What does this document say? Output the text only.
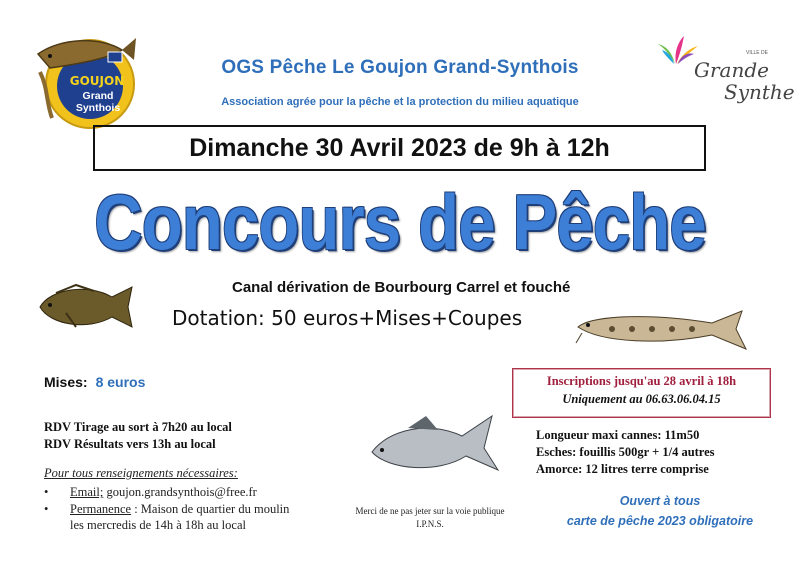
GOUJON
Grand Synthois
VILLE DE
Grande
Synthe
OGS Pêche Le Goujon Grand-Synthois
Association agrée pour la pêche et la protection du milieu aquatique
Dimanche 30 Avril 2023 de 9h à 12h
Concours de Pêche
Canal dérivation de Bourbourg Carrel et fouché
Dotation: 50 euros+Mises+Coupes
Mises: 8 euros
RDV Tirage au sort à 7h20 au local
RDV Résultats vers 13h au local
Pour tous renseignements nécessaires:
• Email; goujon.grandsynthois@free.fr
• Permanence : Maison de quartier du moulin
les mercredis de 14h à 18h au local
Inscriptions jusqu'au 28 avril à 18h
Uniquement au 06.63.06.04.15
Longueur maxi cannes: 11m50
Esches: fouillis 500gr + 1/4 autres
Amorce: 12 litres terre comprise
Merci de ne pas jeter sur la voie publique
I.P.N.S.
Ouvert à tous
carte de pêche 2023 obligatoire
